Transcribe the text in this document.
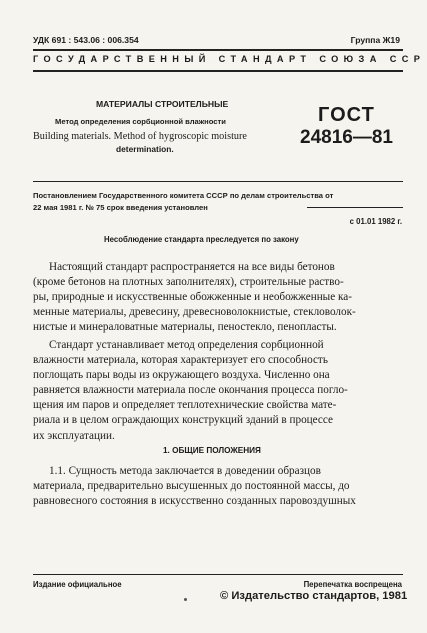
УДК 691 : 543.06 : 006.354	Группа Ж19
ГОСУДАРСТВЕННЫЙ СТАНДАРТ СОЮЗА ССР
МАТЕРИАЛЫ СТРОИТЕЛЬНЫЕ
Метод определения сорбционной влажности
Building materials. Method of hygroscopic moisture
determination.
ГОСТ
24816—81
Постановлением Государственного комитета СССР по делам строительства от
22 мая 1981 г. № 75 срок введения установлен
с 01.01 1982 г.
Несоблюдение стандарта преследуется по закону
Настоящий стандарт распространяется на все виды бетонов
(кроме бетонов на плотных заполнителях), строительные раство-
ры, природные и искусственные обожженные и необожженные ка-
менные материалы, древесину, древесноволокнистые, стекловолок-
нистые и минераловатные материалы, пеностекло, пенопласты.
Стандарт устанавливает метод определения сорбционной
влажности материала, которая характеризует его способность
поглощать пары воды из окружающего воздуха. Численно она
равняется влажности материала после окончания процесса погло-
щения им паров и определяет теплотехнические свойства мате-
риала и в целом ограждающих конструкций зданий в процессе
их эксплуатации.
1. ОБЩИЕ ПОЛОЖЕНИЯ
1.1. Сущность метода заключается в доведении образцов
материала, предварительно высушенных до постоянной массы, до
равновесного состояния в искусственно созданных паровоздушных
Издание официальное	Перепечатка воспрещена
© Издательство стандартов, 1981
